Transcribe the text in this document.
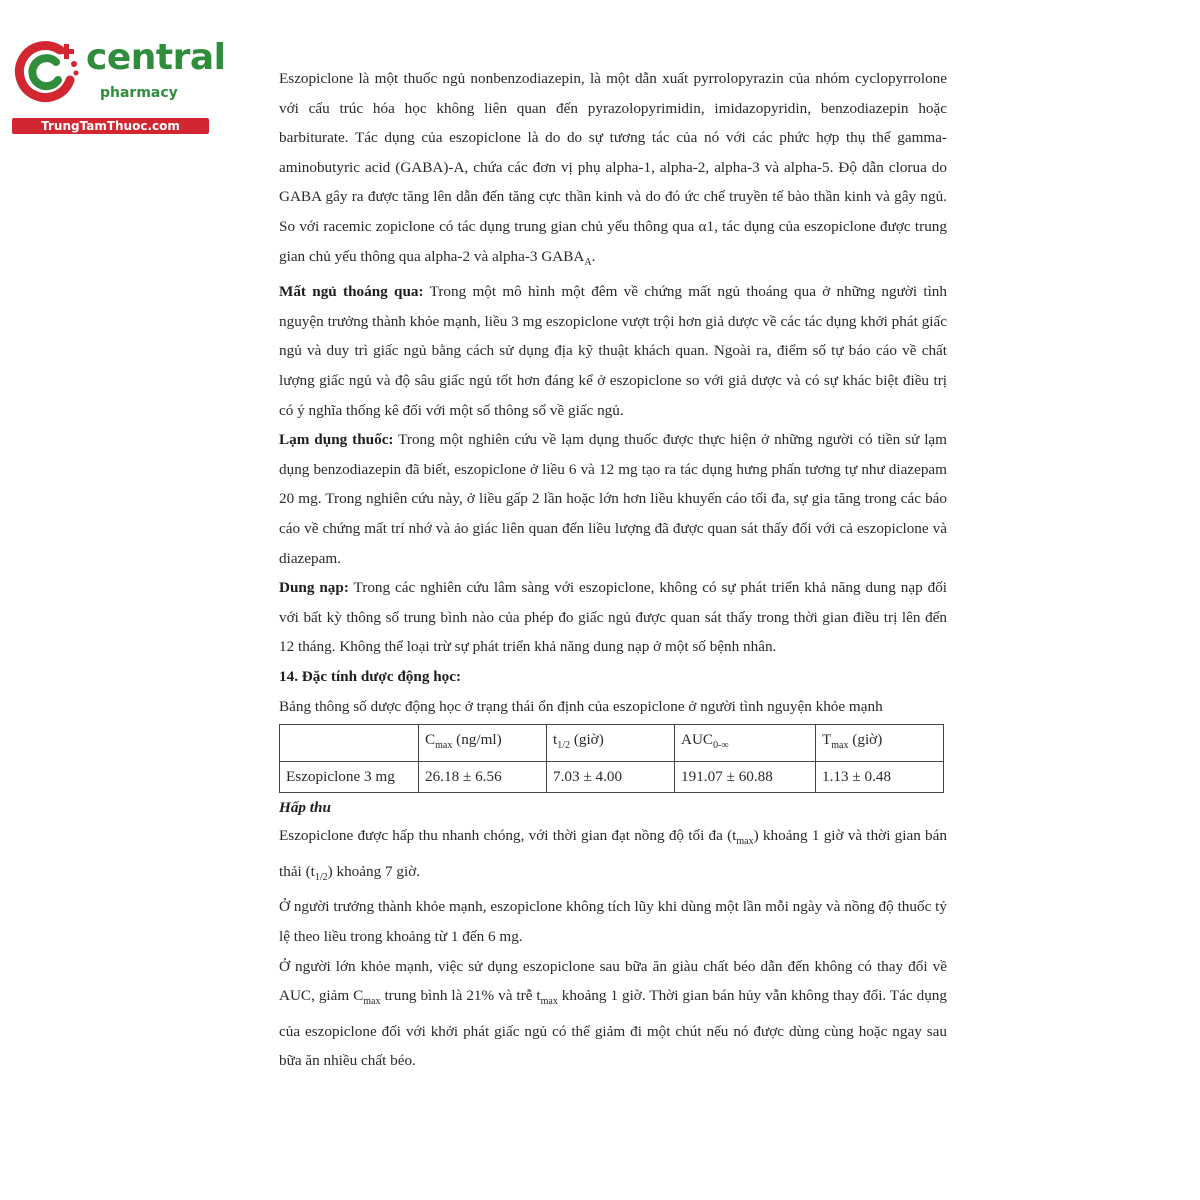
central
pharmacy
TrungTamThuoc.com

Eszopiclone là một thuốc ngủ nonbenzodiazepin, là một dẫn xuất pyrrolopyrazin của nhóm cyclopyrrolone với cấu trúc hóa học không liên quan đến pyrazolopyrimidin, imidazopyridin, benzodiazepin hoặc barbiturate. Tác dụng của eszopiclone là do do sự tương tác của nó với các phức hợp thụ thể gamma-aminobutyric acid (GABA)-A, chứa các đơn vị phụ alpha-1, alpha-2, alpha-3 và alpha-5. Độ dẫn clorua do GABA gây ra được tăng lên dẫn đến tăng cực thần kinh và do đó ức chế truyền tế bào thần kinh và gây ngủ. So với racemic zopiclone có tác dụng trung gian chủ yếu thông qua α1, tác dụng của eszopiclone được trung gian chủ yếu thông qua alpha-2 và alpha-3 $GABA_A$.

Mất ngủ thoáng qua: Trong một mô hình một đêm về chứng mất ngủ thoáng qua ở những người tình nguyện trưởng thành khỏe mạnh, liều 3 mg eszopiclone vượt trội hơn giả dược về các tác dụng khởi phát giấc ngủ và duy trì giấc ngủ bằng cách sử dụng địa kỹ thuật khách quan. Ngoài ra, điểm số tự báo cáo về chất lượng giấc ngủ và độ sâu giấc ngủ tốt hơn đáng kể ở eszopiclone so với giả dược và có sự khác biệt điều trị có ý nghĩa thống kê đối với một số thông số về giấc ngủ.

Lạm dụng thuốc: Trong một nghiên cứu về lạm dụng thuốc được thực hiện ở những người có tiền sử lạm dụng benzodiazepin đã biết, eszopiclone ở liều 6 và 12 mg tạo ra tác dụng hưng phấn tương tự như diazepam 20 mg. Trong nghiên cứu này, ở liều gấp 2 lần hoặc lớn hơn liều khuyến cáo tối đa, sự gia tăng trong các báo cáo về chứng mất trí nhớ và ảo giác liên quan đến liều lượng đã được quan sát thấy đối với cả eszopiclone và diazepam.

Dung nạp: Trong các nghiên cứu lâm sàng với eszopiclone, không có sự phát triển khả năng dung nạp đối với bất kỳ thông số trung bình nào của phép đo giấc ngủ được quan sát thấy trong thời gian điều trị lên đến 12 tháng. Không thể loại trừ sự phát triển khả năng dung nạp ở một số bệnh nhân.

14. Đặc tính dược động học:

Bảng thông số dược động học ở trạng thái ổn định của eszopiclone ở người tình nguyện khỏe mạnh

	$C_{max}$ (ng/ml)	$t_{1/2}$ (giờ)	$AUC_{0-\infty}$	$T_{max}$ (giờ)
Eszopiclone 3 mg	26.18 ± 6.56	7.03 ± 4.00	191.07 ± 60.88	1.13 ± 0.48

Hấp thu

Eszopiclone được hấp thu nhanh chóng, với thời gian đạt nồng độ tối đa $(t_{max})$ khoảng 1 giờ và thời gian bán thải $(t_{1/2})$ khoảng 7 giờ.

Ở người trưởng thành khỏe mạnh, eszopiclone không tích lũy khi dùng một lần mỗi ngày và nồng độ thuốc tỷ lệ theo liều trong khoảng từ 1 đến 6 mg.

Ở người lớn khỏe mạnh, việc sử dụng eszopiclone sau bữa ăn giàu chất béo dẫn đến không có thay đổi về AUC, giảm $C_{max}$ trung bình là 21% và trễ $t_{max}$ khoảng 1 giờ. Thời gian bán hủy vẫn không thay đổi. Tác dụng của eszopiclone đối với khởi phát giấc ngủ có thể giảm đi một chút nếu nó được dùng cùng hoặc ngay sau bữa ăn nhiều chất béo.
